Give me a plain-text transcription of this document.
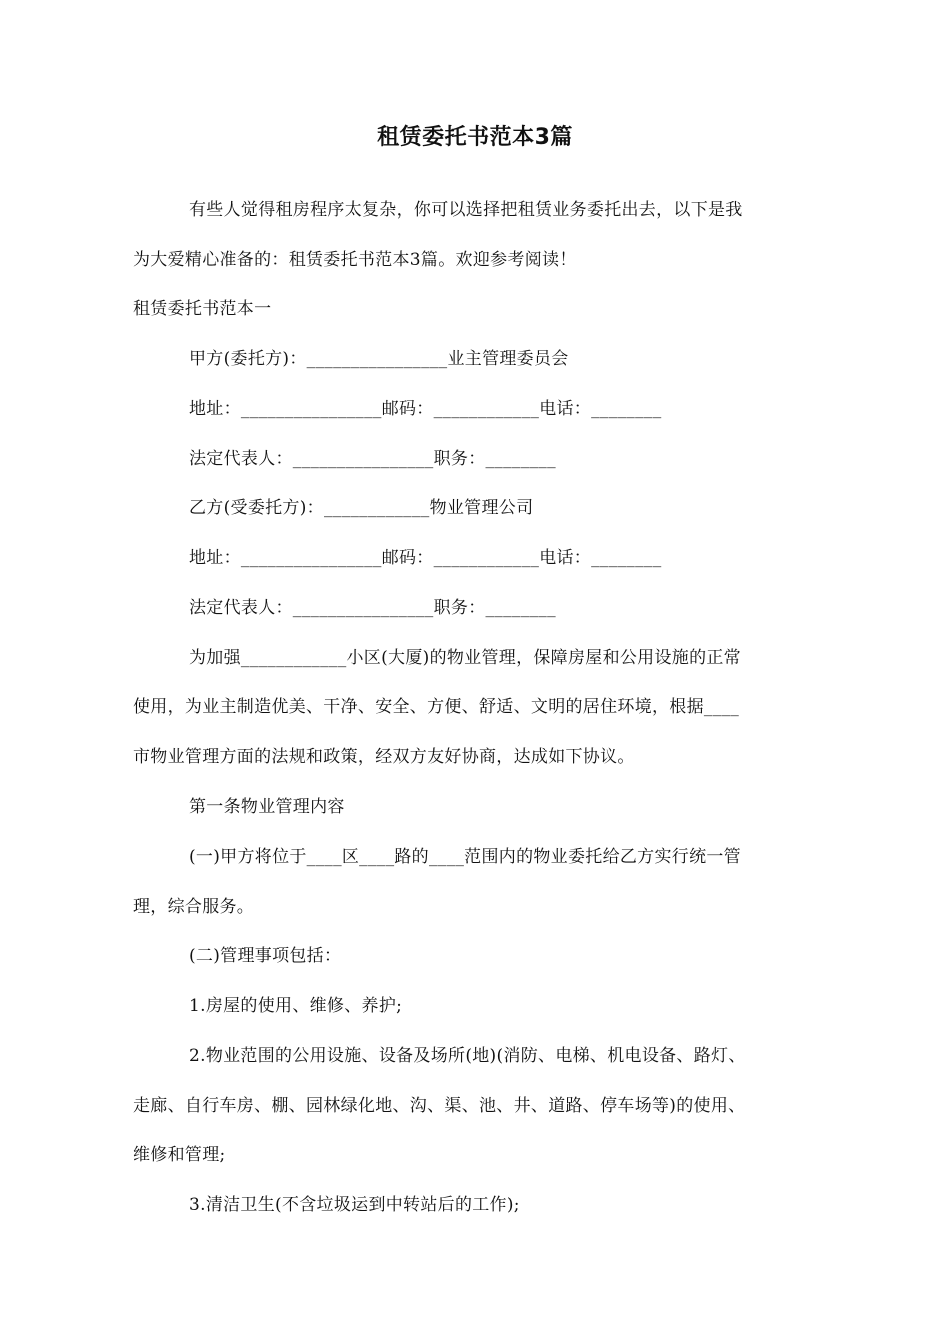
租赁委托书范本3篇
有些人觉得租房程序太复杂，你可以选择把租赁业务委托出去，以下是我
为大爱精心准备的：租赁委托书范本3篇。欢迎参考阅读！
租赁委托书范本一
甲方(委托方)：________________业主管理委员会
地址：________________邮码：____________电话：________
法定代表人：________________职务：________
乙方(受委托方)：____________物业管理公司
地址：________________邮码：____________电话：________
法定代表人：________________职务：________
为加强____________小区(大厦)的物业管理，保障房屋和公用设施的正常
使用，为业主制造优美、干净、安全、方便、舒适、文明的居住环境，根据____
市物业管理方面的法规和政策，经双方友好协商，达成如下协议。
第一条物业管理内容
(一)甲方将位于____区____路的____范围内的物业委托给乙方实行统一管
理，综合服务。
(二)管理事项包括：
1.房屋的使用、维修、养护;
2.物业范围的公用设施、设备及场所(地)(消防、电梯、机电设备、路灯、
走廊、自行车房、棚、园林绿化地、沟、渠、池、井、道路、停车场等)的使用、
维修和管理;
3.清洁卫生(不含垃圾运到中转站后的工作);
